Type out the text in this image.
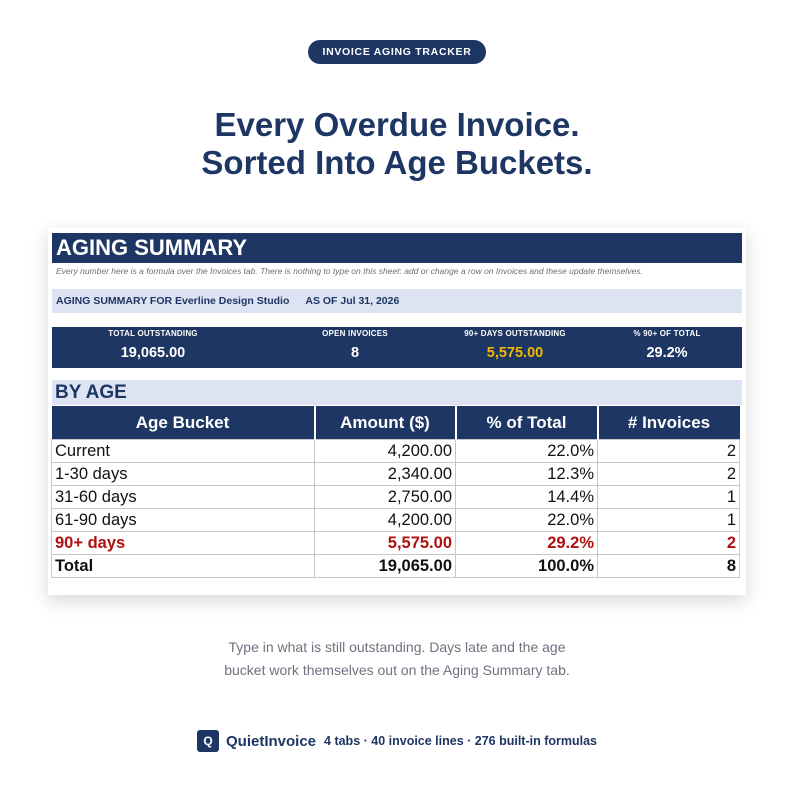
INVOICE AGING TRACKER
Every Overdue Invoice.
Sorted Into Age Buckets.
AGING SUMMARY
Every number here is a formula over the Invoices tab. There is nothing to type on this sheet: add or change a row on Invoices and these update themselves.
AGING SUMMARY FOR Everline Design Studio AS OF Jul 31, 2026
TOTAL OUTSTANDING
19,065.00
OPEN INVOICES
8
90+ DAYS OUTSTANDING
5,575.00
% 90+ OF TOTAL
29.2%
BY AGE
Age Bucket	Amount ($)	% of Total	# Invoices
Current	4,200.00	22.0%	2
1-30 days	2,340.00	12.3%	2
31-60 days	2,750.00	14.4%	1
61-90 days	4,200.00	22.0%	1
90+ days	5,575.00	29.2%	2
Total	19,065.00	100.0%	8

Type in what is still outstanding. Days late and the age
bucket work themselves out on the Aging Summary tab.

Q QuietInvoice 4 tabs · 40 invoice lines · 276 built-in formulas
